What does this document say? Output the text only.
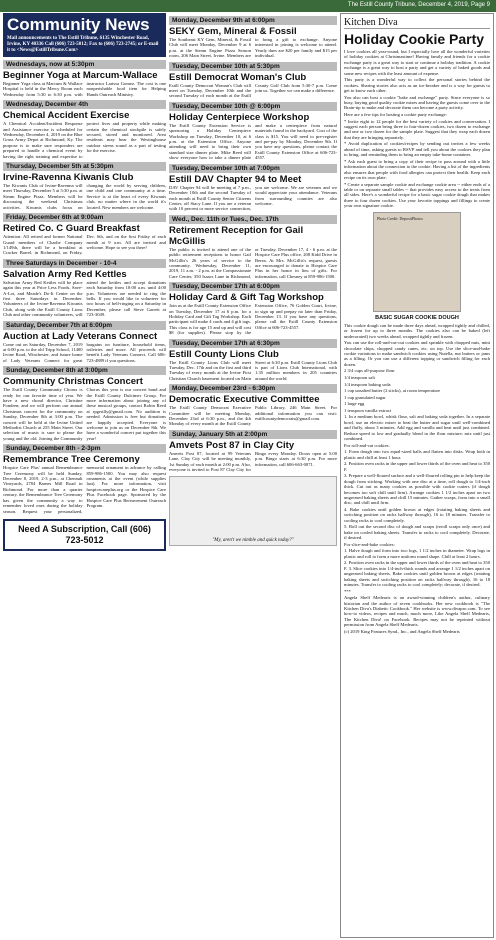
The Estill County Tribune, December 4, 2019, Page 9
Community News
Mail announcements to The Estill Tribune, 6135 Winchester Road, Irvine, KY 40336 Call (606) 723-5012; Fax to (606) 723-2745; or E-mail it to <News@EstillTribune.Com>
Wednesdays, now at 5:30pm
Beginner Yoga at Marcum-Wallace
Beginner Yoga class at Marcum & Wallace Hospital is held in the Mercy Room each Wednesday from 5:30 to 6:30 p.m. with instructor Larissa Gomez. The cost is one nonperishable food item for Helping Hands Outreach Ministry.
Wednesday, December 4th
Chemical Accident Exercise
A Chemical Accident/Incident Response and Assistance exercise is scheduled for Wednesday, December 4, 2019 on the Blue Grass Army Depot at Richmond, Ky. The purpose is to make sure responders are prepared to handle a chemical event by having the right training and expertise to protect lives and property while making certain the chemical stockpile is safely secured, stored and monitored. Area residents may hear the Westinghouse outdoor sirens sound as a part of testing for the exercise.
Thursday, December 5th at 5:30pm
Irvine-Ravenna Kiwanis Club
The Kiwanis Club of Irvine-Ravenna will meet Thursday, December 5 at 5:30 p.m. at Steam Engine Pizza. Members will be discussing the weekend Christmas activities. Kiwanis clubs focus on changing the world by serving children, one child and one community at a time. Service is at the heart of every Kiwanis club, no matter where in the world it's located. New members are welcome.
Friday, December 6th at 9:00am
Retired Co. C Guard Breakfast
Attention: All retired and former National Guard members of Charlie Company 1/149th, there will be a breakfast at Cracker Barrel, in Richmond, on Friday, Dec. 6th, and on the first Friday of each month at 9 a.m. All are invited and welcome. Hope to see you there!
Three Saturdays in December - 10-4
Salvation Army Red Kettles
Salvation Army Red Kettles will be place again this year at Price Less Foods, Save-A-Lot, and Meade's Do-It Center on the first three Saturdays in December. Volunteers of the Irvine-Ravenna Kiwanis Club, along with the Estill County Lions Club and other community volunteers, will attend the kettles and accept donations each Saturday from 10:00 a.m. until 4:00 p.m. Volunteers are needed to ring the bells. If you would like to volunteer for two hours of bell-ringing on a Saturday in December, please call Steve Garrett at 723-3049.
Saturday, December 7th at 6:00pm
Auction at Lady Veterans Connect
Come out on Saturday, December 7, 2019 at 6:00 p.m. to the old Tripp School, 11400 Irvine Road, Winchester, and future home of Lady Veterans Connect for great bargains on furniture, household items, toiletries and more. All proceeds will benefit Lady Veterans Connect. Call 606-723-4889 if you questions.
Sunday, December 8th at 3:00pm
Community Christmas Concert
The Estill County Community Chorus is ready for our favorite time of year. We have a new choral director, Christine Fondren; and we will perform our annual Christmas concert for the community on Sunday, December 8th at 3:00 p.m. The concert will be held at the Irvine United Methodist Church at 255 Main Street. Our selection of music is sure to please the young and the old. Joining the Community Chorus this year is our concert band and the Estill County Dulcimer Group. For more information about joining any of these musical groups, contact Robin Reed at rpgrstlly@gmail.com. No audition is needed. Admission is free but donations are happily accepted. Everyone is welcome to join us on December 8th. We have a wonderful concert put together this year!
Sunday, December 8th - 2-3pm
Remembrance Tree Ceremony
Hospice Care Plus' annual Remembrance Tree Ceremony will be held Sunday, December 8, 2019, 2-3 p.m., at Chenault Vineyards, 2784 Barnes Mill Road in Richmond. For more than a quarter century, the Remembrance Tree Ceremony has given the community a way to remember loved ones during the holiday season. Request your personalized, memorial ornament in advance by calling 859-986-1500. You may also request ornaments at the event (while supplies last). For more information, visit hospicecareplus.org or the Hospice Care Plus Facebook page. Sponsored by the Hospice Care Plus Bereavement Outreach Program.
Need A Subscription, Call (606) 723-5012
Monday, December 9th at 6:00pm
SEKY Gem, Mineral & Fossil
The Southeast KY Gem, Mineral, & Fossil Club will meet Monday, December 9 at 6 p.m. at the Steam Engine Pizza Season room, 206 Main Street, Irvine. Members are to bring a gift to exchange. Anyone interested in joining is welcome to attend. Yearly dues are $20 per family and $15 per individual.
Tuesday, December 10th at 5:30pm
Estill Democrat Woman's Club
Estill County Democrat Woman's Club will meet on Tuesday, December 10th and the second Tuesday of each month at the Estill County Golf Club from 5:30-7 p.m. Come join us. Together we can make a difference.
Tuesday, December 10th @ 6:00pm
Holiday Centerpiece Workshop
The Estill County Extension Service is sponsoring a Holiday Centerpiece Workshop on Tuesday, December 10, at 6 p.m. at the Extension Office. Anyone attending will need to bring their own standard size dinner plate. Mike Reed will show everyone how to take a dinner plate and make a centerpiece from natural materials found in the backyard. Cost of the class is $15. You will need to pre-register and pre-pay by Monday, December 9th. If you have any questions, please contact the Estill County Extension Office at 606-723-4557.
Tuesday, December 10th at 7:00pm
Estill DAV Chapter 94 to Meet
DAV Chapter 94 will be meeting at 7 p.m., December 10th and the second Tuesday of each month at Estill County Senior Citizens Center, off Stacy Lane. If you are a veteran with 10 percent or more service connection, you are welcome. We are veterans and we would appreciate your attendance. Veterans from surrounding counties are also welcome.
Wed., Dec. 11th or Tues., Dec. 17th
Retirement Reception for Gail McGillis
The public is invited to attend one of the public retirement receptions to honor Gail McGillis's 26 years of service to the community. Wednesday, December 11, 2019, 11 a.m. - 2 p.m. at the Compassionate Care Center, 350 Isaacs Lane in Richmond, or Tuesday, December 17, 4 - 6 p.m. at the Hospice Care Plus office, 208 Kidd Drive in Berea. At Mrs. McGillis's request, guests are encouraged to donate to Hospice Care Plus in her honor in lieu of gifts. For information, call Chesney at 859-986-1500.
Tuesday, December 17th at 6:00pm
Holiday Card & Gift Tag Workshop
Join us at the Estill County Extension Office on Tuesday, December 17 at 6 p.m. for a Holiday Card and Gift Tag Workshop. Each participant will make 4 cards and 4 gift tags. This class is for age 15 and up and will cost $8 (for supplies). Please stop by the Extension Office, 76 Golden Court, Irvine, to sign up and prepay no later than Friday, December 13. If you have any questions, please call the Estill County Extension Office at 606-723-4557.
Tuesday, December 17th at 6:30pm
Estill County Lions Club
The Estill County Lions Club will meet Tuesday, Dec. 17th and on the first and third Tuesday of every month at the Irvine First Christian Church basement located on Main Street at 6:30 p.m. Estill County Lions Club is part of Lions Club International, with 1.35 million members in 205 countries around the world.
Monday, December 23rd - 6:30pm
Democratic Executive Committee
The Estill County Democrat Executive Committee will be meeting Monday, December 23rd at 6:30 p.m., and the 4th Monday of every month at the Estill County Public Library, 246 Main Street. For additional information you can visit: estillcountydemocrats@gmail.com.
Sunday, January 5th at 2:00pm
Amvets Post 87 in Clay City
Amvets Post 87, located at 99 Veterans Lane, Clay City will be meeting monthly, 1st Sunday of each month at 2:00 p.m. Also, everyone is invited to Post 87 Clay City for Bingo every Monday. Doors open at 5:00 p.m. Bingo starts at 6:30 p.m. For more information, call 606-663-0071.
"My, aren't we nimble and quick today?"
Kitchen Diva
Holiday Cookie Party

I love cookies all year-round, but I especially love all the wonderful varieties of holiday cookies at Christmastime! Having family and friends for a cookie exchange party is a great way to start or continue a holiday tradition. A cookie exchange is a great way to host a party and get a variety of baked goods and some new recipes with the least amount of expense.

This party is a wonderful way to collect the personal stories behind the cookies. Sharing stories also acts as an ice-breaker and is a way for guests to get to know each other.

You also can host a cookie "bake and exchange" party. Since everyone is so busy, buying good quality cookie mixes and having the guests come over to the Brain-tip to make and decorate them can become a party activity.

Here are a few tips for hosting a cookie party exchange:

* Invite eight to 12 people for the best variety of cookies and conversation. I suggest each person bring three to four-dozen cookies, two dozen to exchange and one or two dozen for the sample plate. Suggest that they wrap each dozen that they are bringing separately.

* Avoid duplication of cookies/recipes by sending out invites a few weeks ahead of time, asking guests to RSVP and tell you about the cookies they plan to bring, and reminding them to bring an empty take-home container.

* Ask each guest to bring a copy of their recipe to pass around with a little information about the connection to the cookie. Having a list of the ingredients also ensures that people with food allergies can protect their health. Keep each recipe on its own plate.

* Create a separate sample cookie and exchange cookie area -- either ends of a table or on separate small tables -- that provides easy access to the treats from all sides. Here's a wonderful recipe for a basic sugar cookie dough that makes three to four dozen cookies. Use your favorite toppings and fillings to create your own signature cookie.

Photo Credit: DepositPhotos
BASIC SUGAR COOKIE DOUGH

This cookie dough can be made three days ahead, wrapped tightly and chilled, or frozen for up to three months. The cookies also can be baked (left undecorated) two weeks ahead, wrapped tightly and frozen.

You can use the roll-and-cut-out cookies and sprinkle with chopped nuts, mini chocolate chips, chopped candy canes, etc. on top. Use the slice-and-bake cookie variations to make sandwich cookies using Nutella, nut butters or jams as a filling. Or you can use a different topping or sandwich filling for each dozen.

2 3/4 cups all-purpose flour

1/4 teaspoon salt

1/4 teaspoon baking soda

1 cup unsalted butter (2 sticks), at room temperature

1 cup granulated sugar

1 large egg

1 teaspoon vanilla extract

1. In a medium bowl, whisk flour, salt and baking soda together. In a separate bowl, use an electric mixer to beat the butter and sugar until well-combined and fluffy, about 3 minutes. Add egg and vanilla and beat until just combined. Reduce speed to low and gradually blend in the flour mixture; mix until just combined.

For roll-and-cut cookies:

1. Form dough into two equal-sized balls and flatten into disks. Wrap both in plastic and chill at least 1 hour.

2. Position oven racks in the upper and lower thirds of the oven and heat to 350 F.

3. Prepare a well-floured surface and a well-floured rolling pin to help keep the dough from sticking. Working with one disc at a time, roll dough to 1/4-inch thick. Cut out as many cookies as possible with cookie cutters (if dough becomes too soft chill until firm). Arrange cookies 1 1/2 inches apart on two ungreased baking sheets and chill 15 minutes. Gather scraps, form into a small disc, and chill until firm.

4. Bake cookies until golden brown at edges (rotating baking sheets and switching position on racks halfway through), 16 to 18 minutes. Transfer to cooling racks to cool completely.

5. Roll out the second disc of dough and scraps (reroll scraps only once) and bake on cooled baking sheets. Transfer to racks to cool completely. Decorate, if desired.

For slice-and-bake cookies:

1. Halve dough and form into two logs, 1 1/2 inches in diameter. Wrap logs in plastic and roll to form a more uniform round shape. Chill at least 2 hours.

2. Position oven racks in the upper and lower thirds of the oven and heat to 350 F. 3. Slice cookies into 1/4-inch-thick rounds and arrange 1 1/2 inches apart on ungreased baking sheets. Bake cookies until golden brown at edges (rotating baking sheets and switching position on racks halfway through), 16 to 18 minutes. Transfer to cooling racks to cool completely; decorate, if desired.

***

Angela Shelf Medearis is an award-winning children's author, culinary historian and the author of seven cookbooks. Her new cookbook is "The Kitchen Diva's Diabetic Cookbook." Her website is www.divapro.com. To see how-to videos, recipes and much, much more, Like Angela Shelf Medearis, The Kitchen Diva! on Facebook. Recipes may not be reprinted without permission from Angela Shelf Medearis.

(c) 2019 King Features Synd., Inc., and Angela Shelf Medearis
